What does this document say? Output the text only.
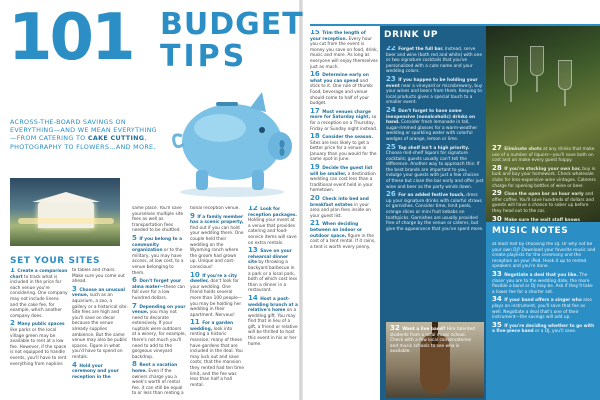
101 BUDGET
TIPS
ACROSS-THE-BOARD SAVINGS ON EVERYTHING—AND WE MEAN EVERYTHING—FROM CATERING TO CAKE CUTTING, PHOTOGRAPHY TO FLOWERS…AND MORE.
SET YOUR SITES

1 Create a comparison chart to track what is included in the price for each venue you're considering. One company may not include linens and the cake fee, for example, which another company does.

2 Many public spaces like parks or the local village green may be available to rent at a low fee. However, if the space is not equipped to handle events, you'll have to rent everything from napkins

to tables and chairs. Make sure you come out ahead.

3 Choose an unusual venue, such as an aquarium, a zoo, a gallery or a historical site. Site fees are high and you'll save on decor because the venue already supplies ambience. But the same venue may also be public spaces. Figure in what you'd have to spend on rentals.

4 Hold your ceremony and your reception in the

same place. You'll save yourselves multiple site fees as well as transportation fees needed to be shuttled.

5 If you belong to a community organization or to the military, you may have access, at low cost, to a venue belonging to them.

6 Don't forget your alma mater—these can fall over for a low hundred dollars.

7 Depending on your venue, you may not need to decorate extensively. If your nuptials were outdoors at a winery, for example, there's not much you'll need to add to the gorgeous vineyard backdrop.

8 Rent a vacation home. Even if the owners charge you a week's worth of rental fee, it can still be equal to or less than renting a

tional reception venue.

9 If a family member has a scenic property, find out if you can hold your wedding there. One couple held their wedding on the Wyoming ranch where the groom had grown up. Unique and cost-conscious!

10 If you're a city dweller, don't look for your wedding. One friend holds several more than 100 people—you may be holding her wedding in their apartment. Nervous!

11 For a garden wedding, look into renting a historic mansion; many of these have gardens that are included in the deal. You may luck out and save costs; that the mansion they rented had ten time limit, and the fee was less than half a hall rental.

12 Look for reception packages. Holding your event at a venue that provides catering and food-service items will save on extra rentals.

13 Save on your rehearsal dinner site by throwing a backyard barbecue in a park or a local park, both of which cost less than a dinner in a restaurant.

14 Host a post-wedding brunch at a relative's home on a wedding gift. You may find that in lieu of a gift, a friend or relative will be thrilled to host this event in his or her home.

15 Trim the length of your reception. Every hour you cut from the event is money you save on food, drink, music and more. As long as everyone will enjoy themselves just as much.

16 Determine early on what you can spend and stick to it. One rule of thumb: Food, beverage and venue should come to half of your budget.

17 Most venues charge more for Saturday night, so for a reception on a Thursday, Friday or Sunday night instead.

18 Consider the season. Sites are less likely to get a better price for a venue in January than you would for the same spot in June.

19 Decide the guest list will be smaller, a destination wedding can cost less than a traditional event held in your hometown.

20 Check into bed and breakfast estates in your area and plan fees inside on your guest list.

21 When deciding between an indoor or outdoor space, figure in the cost of a tent rental. If it rains, a tent is worth every penny.

DRINK UP

22 Forget the full bar. Instead, serve beer and wine (both red and white) with one or two signature cocktails that you've personalized with a cute name and your wedding colors.

23 If you happen to be holding your event near a vineyard or microbrewery, buy your wines and beers from them. Keeping to local products gives a special touch to a smaller event.

24 Don't forget to have some inexpensive (nonalcoholic) drinks on hand. Consider fresh lemonade in tall, sugar-rimmed glasses for a warm-weather wedding or sparkling water with colorful wedges of orange, lemon or lime.

25 Top shelf isn't a high priority. Choose mid-shelf liquors for signature cocktails; guests usually can't tell the difference. Another way to approach this: If the best brands are important to you, indulge your guests with just a few choices of these but close the bar early and offer just wine and beer as the party winds down.

26 For an added festive touch, dress up your signature drinks with colorful straws or garnishes. Consider time, limit peels, orange slices or mini fruit kebabs on toothpicks. Garnishes are usually provided free of charge by the venue or caterer, but give the appearance that you've spent more.

27 Eliminate shots at any drinks that make use of a number of liquors—you'll save both on cost and on make every guest happy.

28 If you're stocking your own bar, buy in bulk and buy your homework. Check wholesale clubs for less-expensive wine vintages. Caterers charge for opening bottles of wine or beer.

29 Close the open bar an hour early and offer coffee. You'll save hundreds of dollars and guests will have a chance to sober up before they head out to the car.

30 Make sure the wait staff knows

MUSIC NOTES

at least half by choosing the DJ. Or why not be your own DJ? Download your favorite music and create playlists for the ceremony and the reception on your iPod. Hook it up to rented speakers and you're done.

33 Negotiate a deal that you like. The closer you are to the wedding date, the more flexible a band or DJ may be. Ask if they'll take a lower fee for a shorter set.

34 If your band offers a singer who also plays an instrument, you'll save that fee as well. Negotiate a deal that's one of their instrument—the savings will add up.

35 If you're deciding whether to go with a five-piece band or a DJ, you'll save.

32 Want a live band? Hire talented students from a local music school. Check with a few local conservatories and music schools to see who is available.
